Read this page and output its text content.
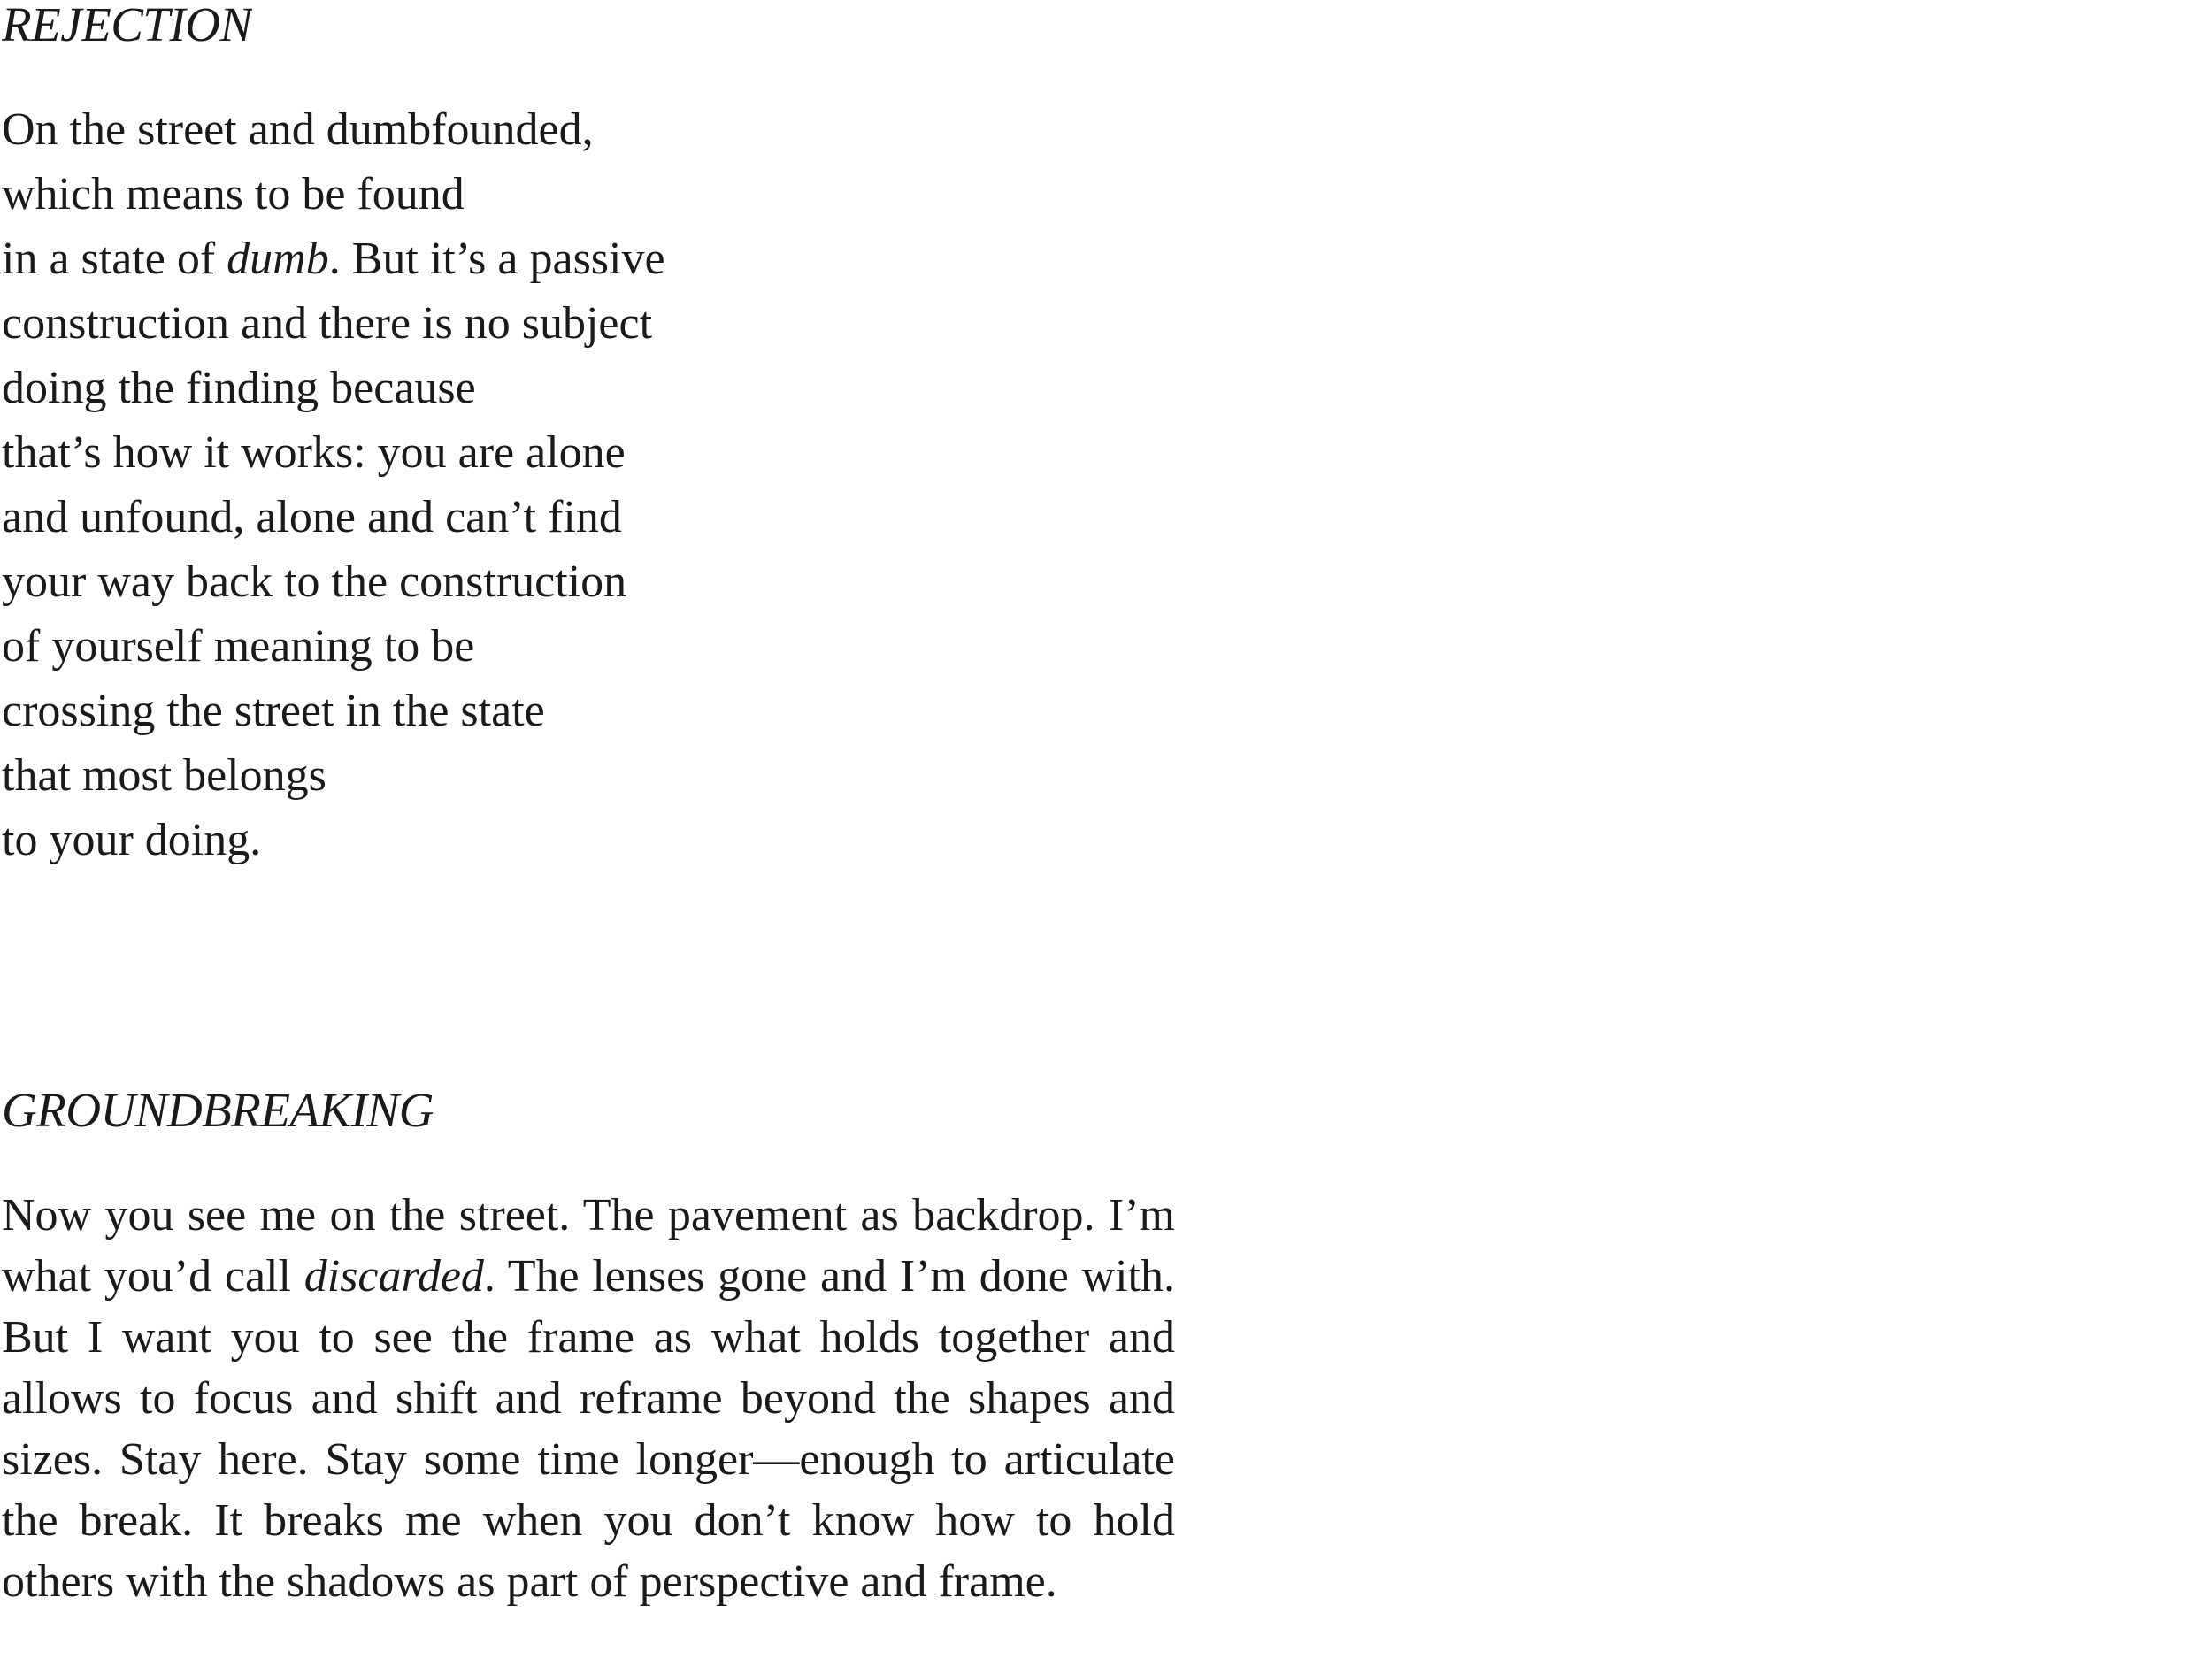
REJECTION
On the street and dumbfounded,
which means to be found
in a state of dumb. But it’s a passive
construction and there is no subject
doing the finding because
that’s how it works: you are alone
and unfound, alone and can’t find
your way back to the construction
of yourself meaning to be
crossing the street in the state
that most belongs
to your doing.
GROUNDBREAKING

Now you see me on the street. The pavement as backdrop. I’m what you’d call discarded. The lenses gone and I’m done with. But I want you to see the frame as what holds together and allows to focus and shift and reframe beyond the shapes and sizes. Stay here. Stay some time longer—enough to articulate the break. It breaks me when you don’t know how to hold others with the shadows as part of perspective and frame.
